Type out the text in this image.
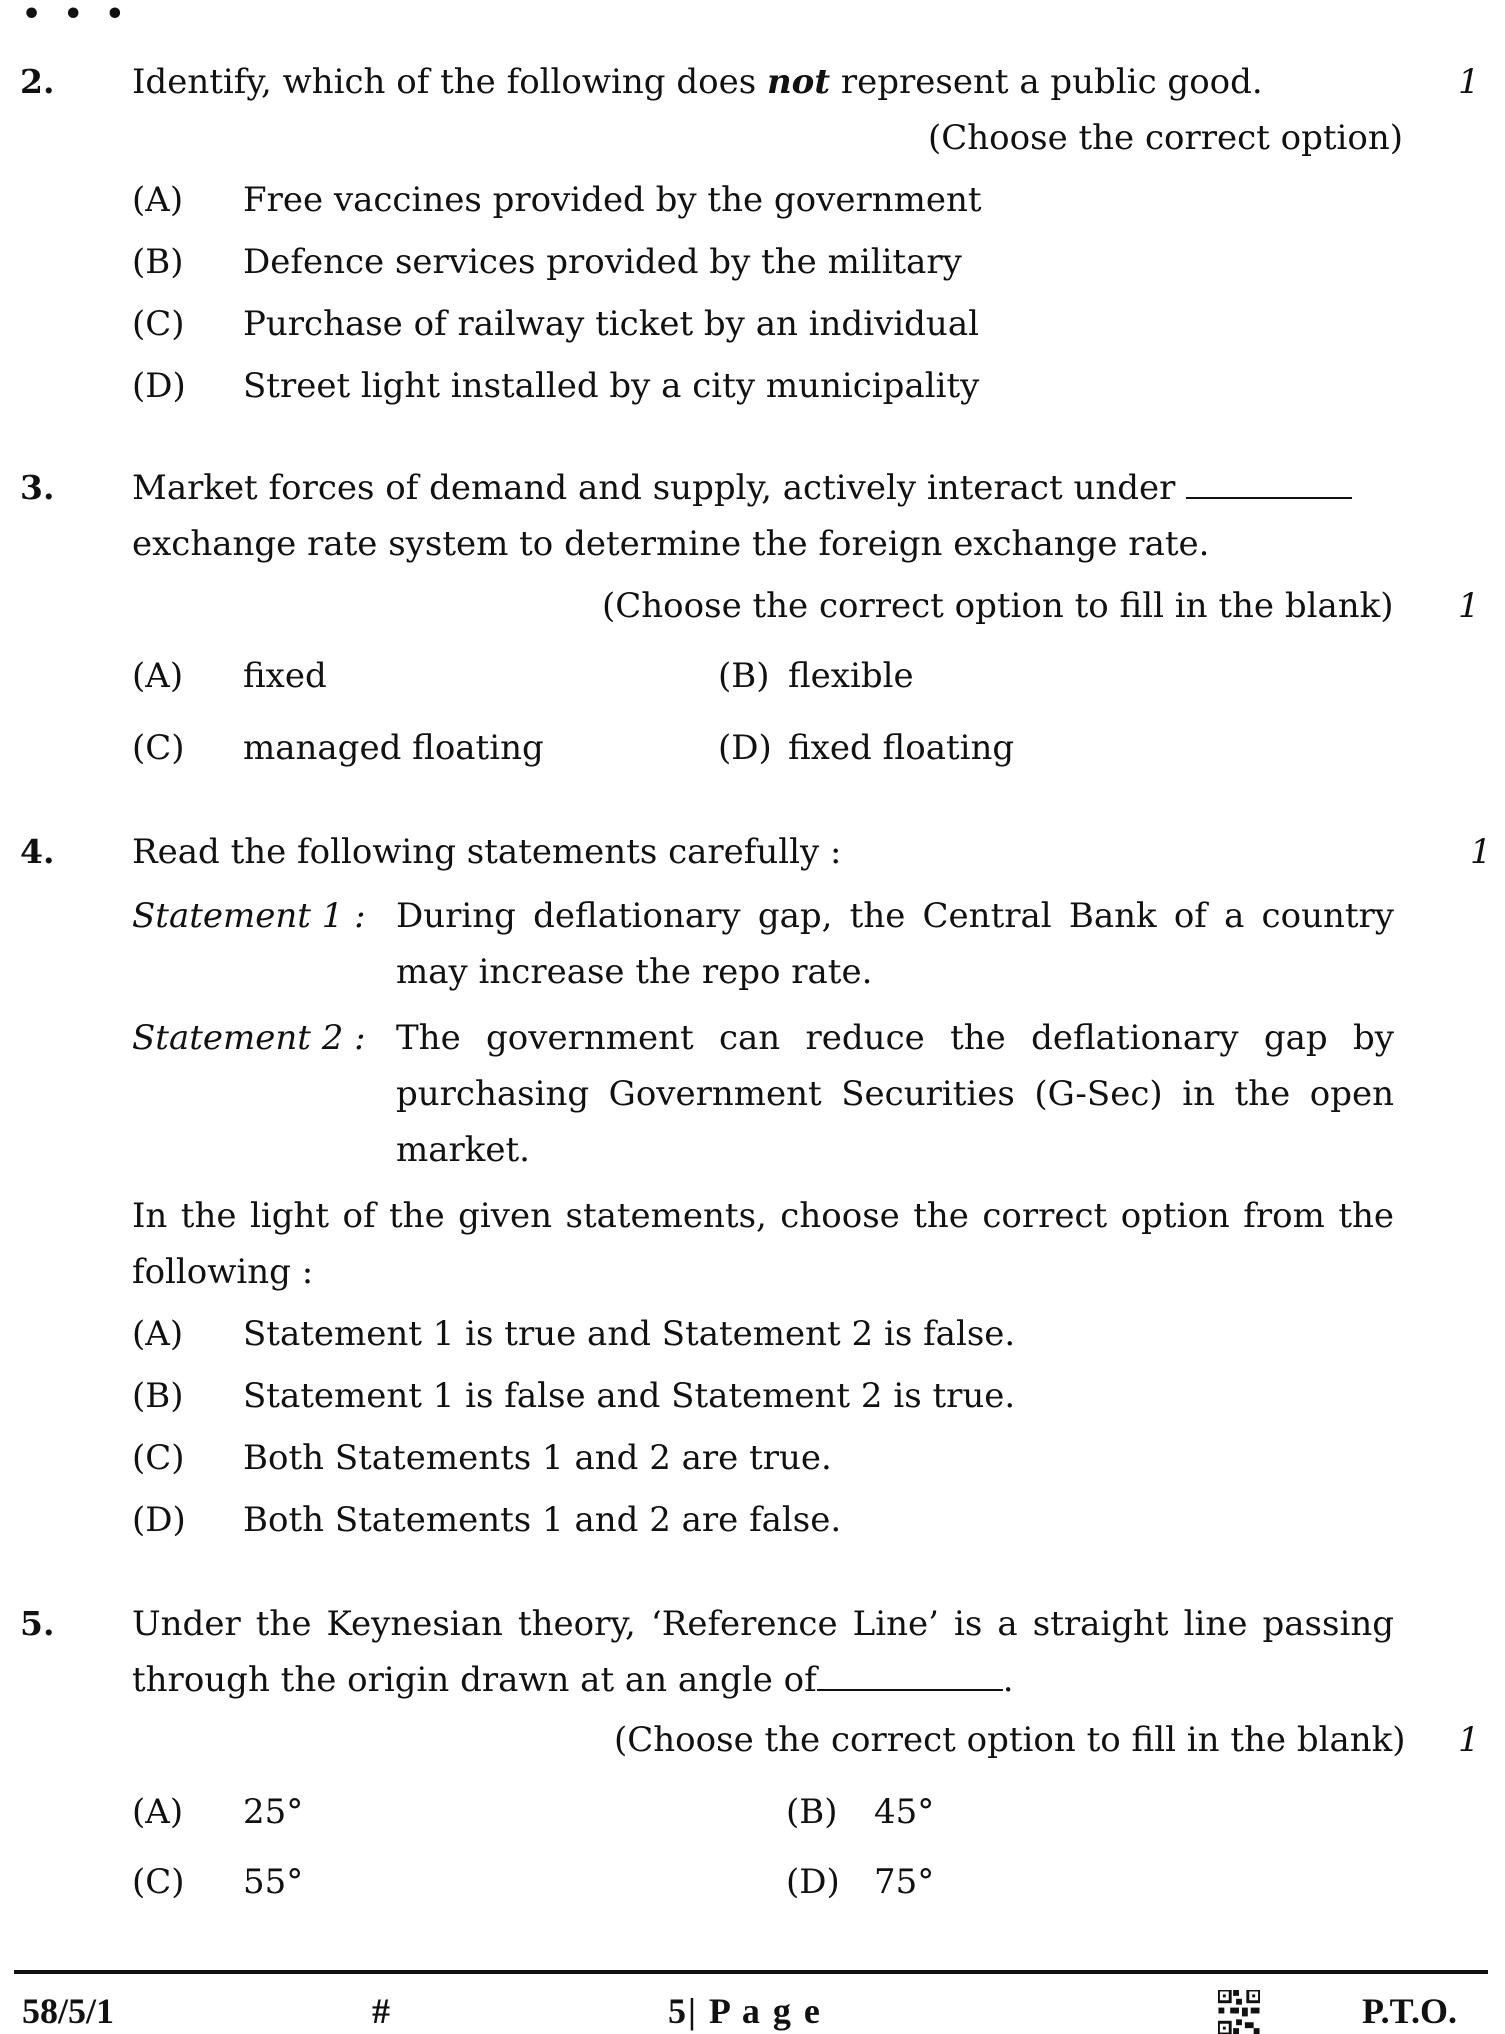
• • •
2. Identify, which of the following does not represent a public good.	1
(Choose the correct option)
(A) Free vaccines provided by the government
(B) Defence services provided by the military
(C) Purchase of railway ticket by an individual
(D) Street light installed by a city municipality
3. Market forces of demand and supply, actively interact under
exchange rate system to determine the foreign exchange rate.
(Choose the correct option to fill in the blank) 1
(A) fixed	(B) flexible
(C) managed floating	(D) fixed floating
4. Read the following statements carefully :	1
Statement 1 : During deflationary gap, the Central Bank of a country
may increase the repo rate.
Statement 2 : The government can reduce the deflationary gap by
purchasing Government Securities (G-Sec) in the open
market.
In the light of the given statements, choose the correct option from the
following :
(A) Statement 1 is true and Statement 2 is false.
(B) Statement 1 is false and Statement 2 is true.
(C) Both Statements 1 and 2 are true.
(D) Both Statements 1 and 2 are false.
5. Under the Keynesian theory, ‘Reference Line’ is a straight line passing
through the origin drawn at an angle of	.
(Choose the correct option to fill in the blank) 1
(A) 25°	(B) 45°
(C) 55°	(D) 75°
58/5/1	#	5| P a g e	P.T.O.
